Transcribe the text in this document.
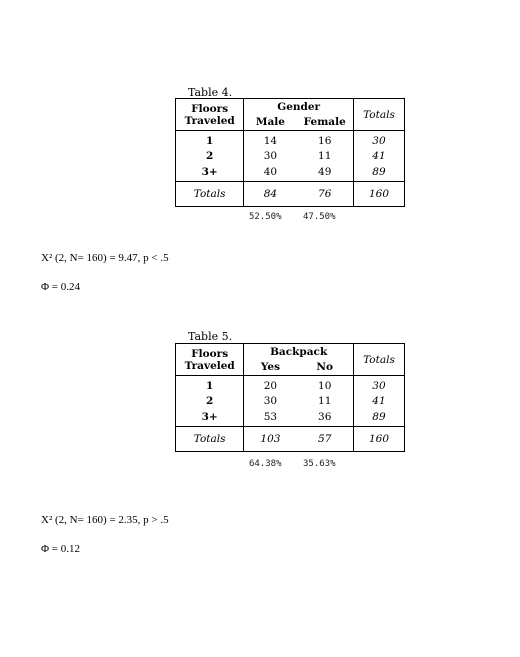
Table 4.
Floors
Traveled	Gender		Totals
	Male	Female	
1	14	16	30
2	30	11	41
3+	40	49	89
Totals	84	76	160
52.50% 47.50%
X² (2, N= 160) = 9.47, p < .5
Φ = 0.24
Table 5.
Floors
Traveled	Backpack		Totals
	Yes	No	
1	20	10	30
2	30	11	41
3+	53	36	89
Totals	103	57	160
64.38% 35.63%
X² (2, N= 160) = 2.35, p > .5
Φ = 0.12
